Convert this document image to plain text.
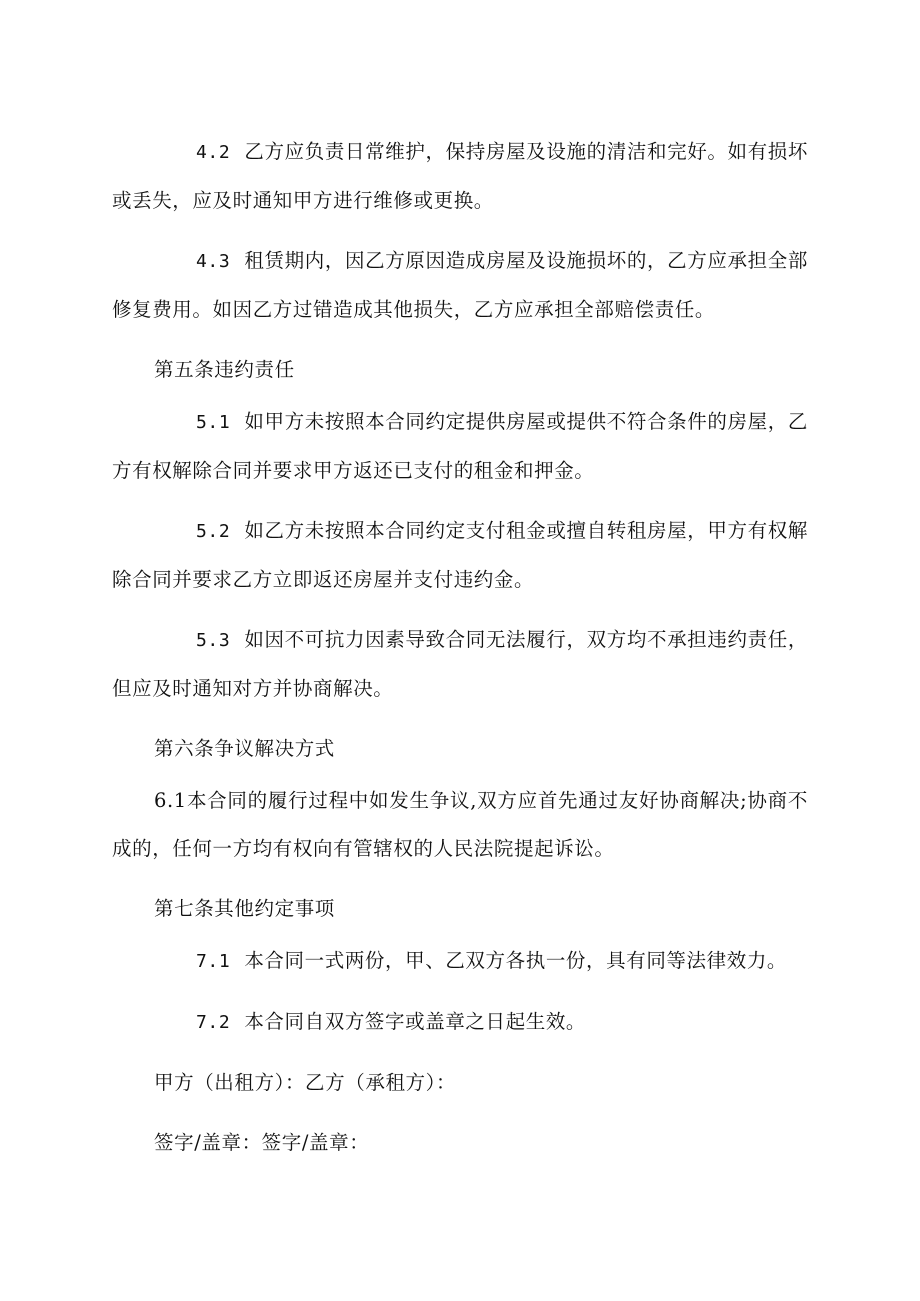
4.2 乙方应负责日常维护，保持房屋及设施的清洁和完好。如有损坏或丢失，应及时通知甲方进行维修或更换。

4.3 租赁期内，因乙方原因造成房屋及设施损坏的，乙方应承担全部修复费用。如因乙方过错造成其他损失，乙方应承担全部赔偿责任。

第五条违约责任

5.1 如甲方未按照本合同约定提供房屋或提供不符合条件的房屋，乙方有权解除合同并要求甲方返还已支付的租金和押金。

5.2 如乙方未按照本合同约定支付租金或擅自转租房屋，甲方有权解除合同并要求乙方立即返还房屋并支付违约金。

5.3 如因不可抗力因素导致合同无法履行，双方均不承担违约责任，但应及时通知对方并协商解决。

第六条争议解决方式

6.1本合同的履行过程中如发生争议,双方应首先通过友好协商解决;协商不成的，任何一方均有权向有管辖权的人民法院提起诉讼。

第七条其他约定事项

7.1 本合同一式两份，甲、乙双方各执一份，具有同等法律效力。

7.2 本合同自双方签字或盖章之日起生效。

甲方（出租方）：乙方（承租方）：

签字/盖章：签字/盖章：
